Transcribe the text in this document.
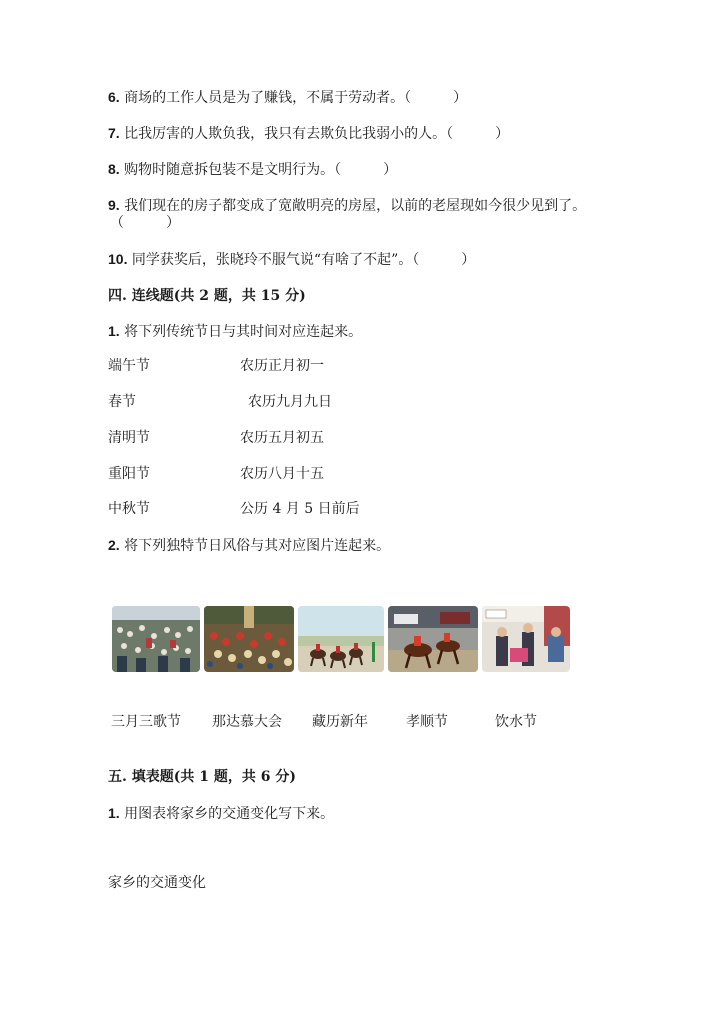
6. 商场的工作人员是为了赚钱，不属于劳动者。（　　　）
7. 比我厉害的人欺负我，我只有去欺负比我弱小的人。（　　　）
8. 购物时随意拆包装不是文明行为。（　　　）
9. 我们现在的房子都变成了宽敞明亮的房屋，以前的老屋现如今很少见到了。
（　　　）
10. 同学获奖后，张晓玲不服气说“有啥了不起”。（　　　）
四. 连线题(共 2 题，共 15 分)
1. 将下列传统节日与其时间对应连起来。
端午节
春节
清明节
重阳节
中秋节
农历正月初一
农历九月九日
农历五月初五
农历八月十五
公历 4 月 5 日前后
2. 将下列独特节日风俗与其对应图片连起来。
三月三歌节 那达慕大会 藏历新年	孝顺节	饮水节
五. 填表题(共 1 题，共 6 分)
1. 用图表将家乡的交通变化写下来。
家乡的交通变化
